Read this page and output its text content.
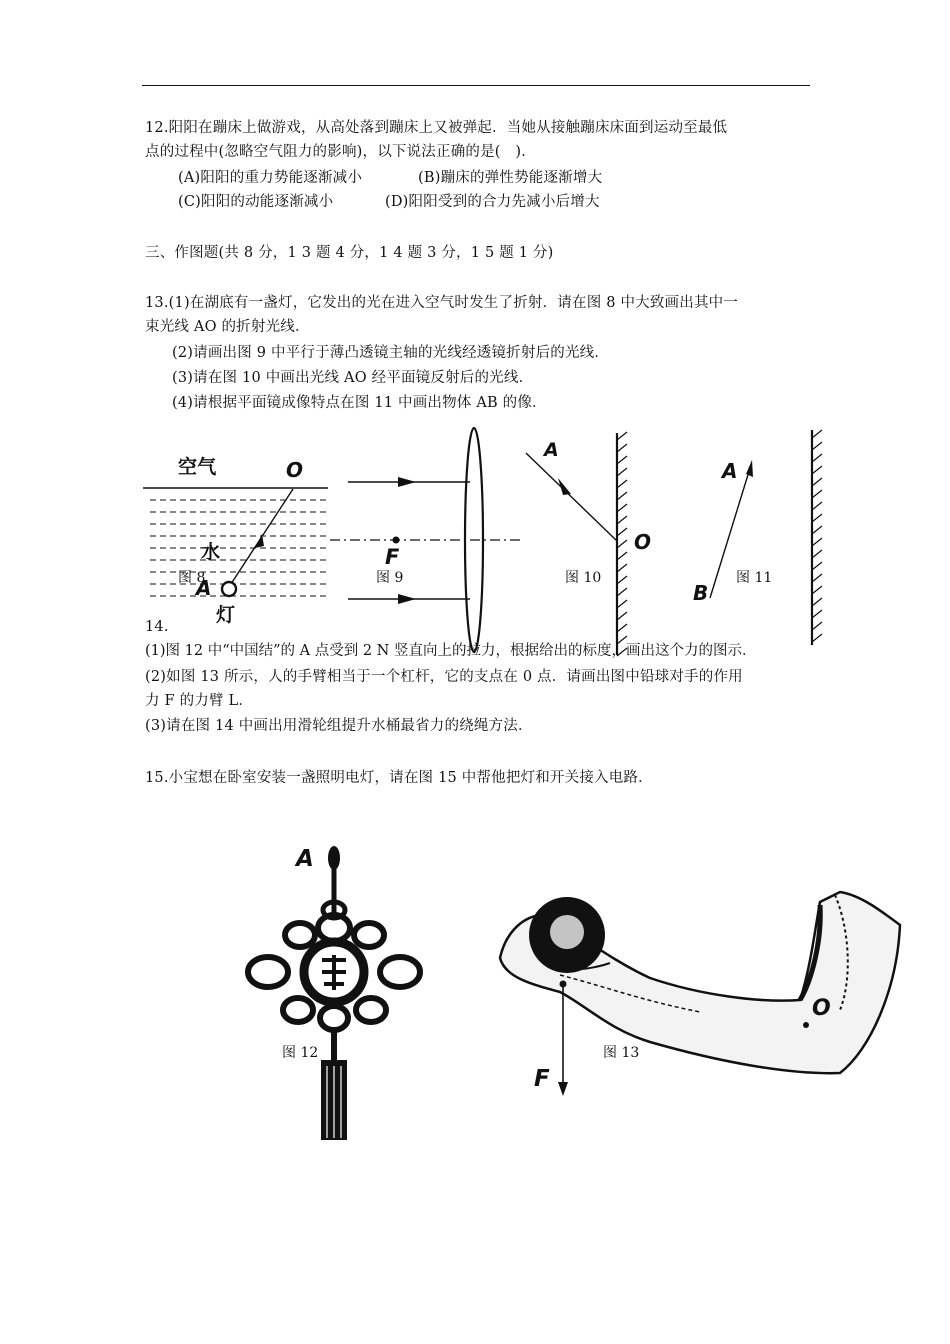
12.阳阳在蹦床上做游戏，从高处落到蹦床上又被弹起．当她从接触蹦床床面到运动至最低
点的过程中(忽略空气阻力的影响)，以下说法正确的是(　)．
(A)阳阳的重力势能逐渐减小	(B)蹦床的弹性势能逐渐增大
(C)阳阳的动能逐渐减小	(D)阳阳受到的合力先减小后增大
三、作图题(共 8 分，1 3 题 4 分，1 4 题 3 分，1 5 题 1 分)
13.(1)在湖底有一盏灯，它发出的光在进入空气时发生了折射．请在图 8 中大致画出其中一
束光线 AO 的折射光线．
(2)请画出图 9 中平行于薄凸透镜主轴的光线经透镜折射后的光线．
(3)请在图 10 中画出光线 AO 经平面镜反射后的光线．
(4)请根据平面镜成像特点在图 11 中画出物体 AB 的像．
空气	O
水
A
灯
图 8
F
图 9
A
O
图 10
A
B
图 11
14.
(1)图 12 中“中国结”的 A 点受到 2 N 竖直向上的拉力，根据给出的标度，画出这个力的图示．
(2)如图 13 所示，人的手臂相当于一个杠杆，它的支点在 0 点．请画出图中铅球对手的作用
力 F 的力臂 L．
(3)请在图 14 中画出用滑轮组提升水桶最省力的绕绳方法．
15.小宝想在卧室安装一盏照明电灯，请在图 15 中帮他把灯和开关接入电路．
A
图 12
F
O
图 13
